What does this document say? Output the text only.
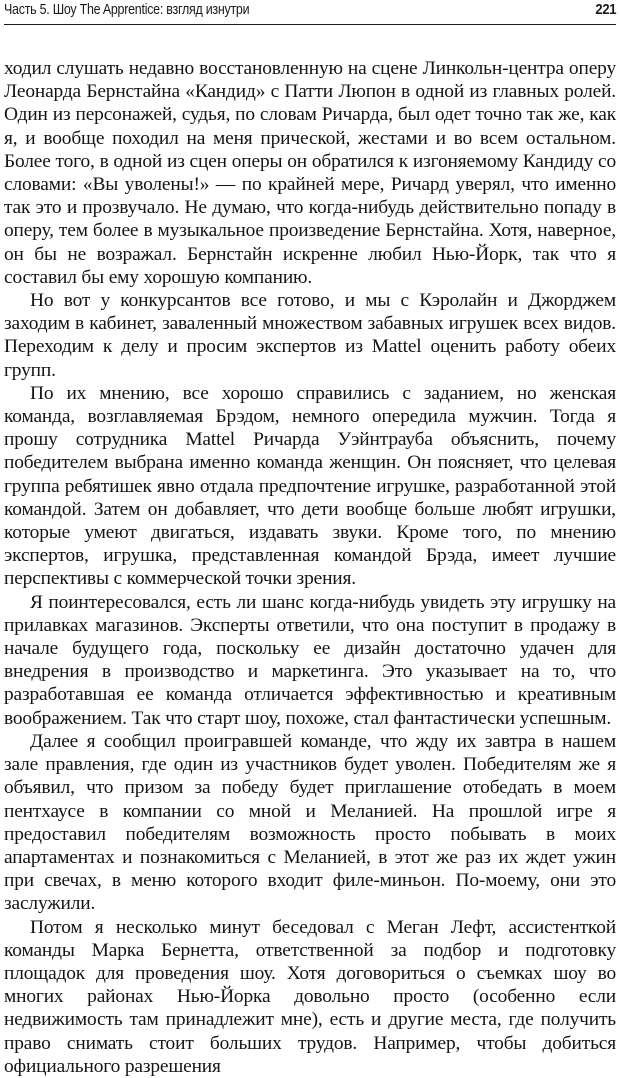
Часть 5. Шоу The Apprentice: взгляд изнутри	221

ходил слушать недавно восстановленную на сцене Линкольн-центра оперу Леонарда Бернстайна «Кандид» с Патти Люпон в одной из главных ролей. Один из персонажей, судья, по словам Ричарда, был одет точно так же, как я, и вообще походил на меня прической, жестами и во всем остальном. Более того, в одной из сцен оперы он обратился к изгоняемому Кандиду со словами: «Вы уволены!» — по крайней мере, Ричард уверял, что именно так это и прозвучало. Не думаю, что когда-нибудь действительно попаду в оперу, тем более в музыкальное произведение Бернстайна. Хотя, наверное, он бы не возражал. Бернстайн искренне любил Нью-Йорк, так что я составил бы ему хорошую компанию.

Но вот у конкурсантов все готово, и мы с Кэролайн и Джорджем заходим в кабинет, заваленный множеством забавных игрушек всех видов. Переходим к делу и просим экспертов из Mattel оценить работу обеих групп.

По их мнению, все хорошо справились с заданием, но женская команда, возглавляемая Брэдом, немного опередила мужчин. Тогда я прошу сотрудника Mattel Ричарда Уэйнтрауба объяснить, почему победителем выбрана именно команда женщин. Он поясняет, что целевая группа ребятишек явно отдала предпочтение игрушке, разработанной этой командой. Затем он добавляет, что дети вообще больше любят игрушки, которые умеют двигаться, издавать звуки. Кроме того, по мнению экспертов, игрушка, представленная командой Брэда, имеет лучшие перспективы с коммерческой точки зрения.

Я поинтересовался, есть ли шанс когда-нибудь увидеть эту игрушку на прилавках магазинов. Эксперты ответили, что она поступит в продажу в начале будущего года, поскольку ее дизайн достаточно удачен для внедрения в производство и маркетинга. Это указывает на то, что разработавшая ее команда отличается эффективностью и креативным воображением. Так что старт шоу, похоже, стал фантастически успешным.

Далее я сообщил проигравшей команде, что жду их завтра в нашем зале правления, где один из участников будет уволен. Победителям же я объявил, что призом за победу будет приглашение отобедать в моем пентхаусе в компании со мной и Меланией. На прошлой игре я предоставил победителям возможность просто побывать в моих апартаментах и познакомиться с Меланией, в этот же раз их ждет ужин при свечах, в меню которого входит филе-миньон. По-моему, они это заслужили.

Потом я несколько минут беседовал с Меган Лефт, ассистенткой команды Марка Бернетта, ответственной за подбор и подготовку площадок для проведения шоу. Хотя договориться о съемках шоу во многих районах Нью-Йорка довольно просто (особенно если недвижимость там принадлежит мне), есть и другие места, где получить право снимать стоит больших трудов. Например, чтобы добиться официального разрешения
